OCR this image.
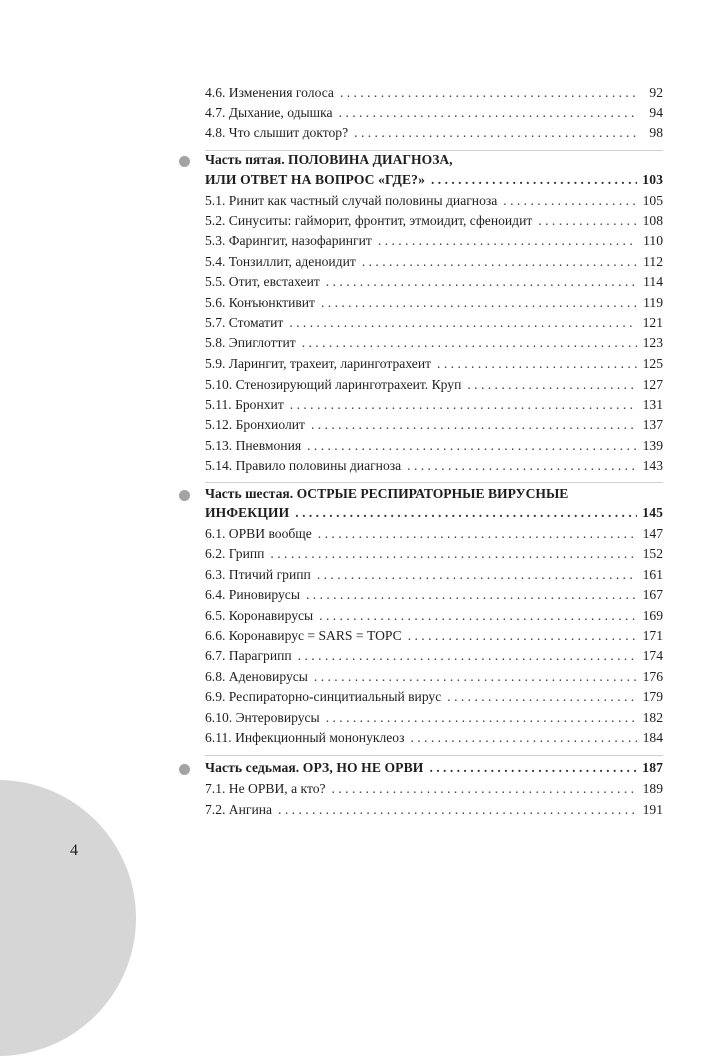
4
4.6. Изменения голоса . . .	92
4.7. Дыхание, одышка . . .	94
4.8. Что слышит доктор? . . .	98
Часть пятая. ПОЛОВИНА ДИАГНОЗА,
ИЛИ ОТВЕТ НА ВОПРОС «ГДЕ?» . . .	103
5.1. Ринит как частный случай половины диагноза . . .	105
5.2. Синуситы: гайморит, фронтит, этмоидит, сфеноидит . . .	108
5.3. Фарингит, назофарингит . . .	110
5.4. Тонзиллит, аденоидит . . .	112
5.5. Отит, евстахеит . . .	114
5.6. Конъюнктивит . . .	119
5.7. Стоматит . . .	121
5.8. Эпиглоттит . . .	123
5.9. Ларингит, трахеит, ларинготрахеит . . .	125
5.10. Стенозирующий ларинготрахеит. Круп . . .	127
5.11. Бронхит . . .	131
5.12. Бронхиолит . . .	137
5.13. Пневмония . . .	139
5.14. Правило половины диагноза . . .	143
Часть шестая. ОСТРЫЕ РЕСПИРАТОРНЫЕ ВИРУСНЫЕ
ИНФЕКЦИИ . . .	145
6.1. ОРВИ вообще . . .	147
6.2. Грипп . . .	152
6.3. Птичий грипп . . .	161
6.4. Риновирусы . . .	167
6.5. Коронавирусы . . .	169
6.6. Коронавирус = SARS = ТОРС . . .	171
6.7. Парагрипп . . .	174
6.8. Аденовирусы . . .	176
6.9. Респираторно-синцитиальный вирус . . .	179
6.10. Энтеровирусы . . .	182
6.11. Инфекционный мононуклеоз . . .	184
Часть седьмая. ОРЗ, НО НЕ ОРВИ . . .	187
7.1. Не ОРВИ, а кто? . . .	189
7.2. Ангина . . .	191
